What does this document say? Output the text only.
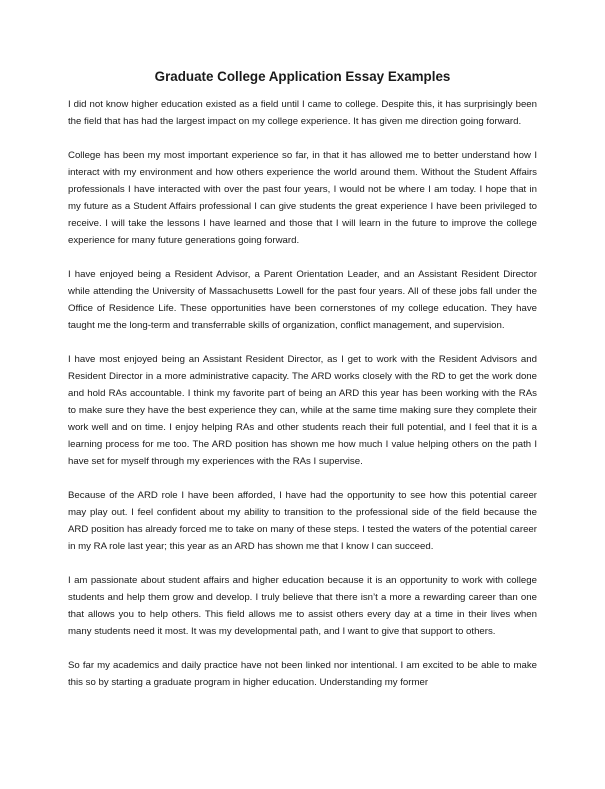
Graduate College Application Essay Examples

I did not know higher education existed as a field until I came to college. Despite this, it has surprisingly been the field that has had the largest impact on my college experience. It has given me direction going forward.

College has been my most important experience so far, in that it has allowed me to better understand how I interact with my environment and how others experience the world around them. Without the Student Affairs professionals I have interacted with over the past four years, I would not be where I am today. I hope that in my future as a Student Affairs professional I can give students the great experience I have been privileged to receive. I will take the lessons I have learned and those that I will learn in the future to improve the college experience for many future generations going forward.

I have enjoyed being a Resident Advisor, a Parent Orientation Leader, and an Assistant Resident Director while attending the University of Massachusetts Lowell for the past four years. All of these jobs fall under the Office of Residence Life. These opportunities have been cornerstones of my college education. They have taught me the long-term and transferrable skills of organization, conflict management, and supervision.

I have most enjoyed being an Assistant Resident Director, as I get to work with the Resident Advisors and Resident Director in a more administrative capacity. The ARD works closely with the RD to get the work done and hold RAs accountable. I think my favorite part of being an ARD this year has been working with the RAs to make sure they have the best experience they can, while at the same time making sure they complete their work well and on time. I enjoy helping RAs and other students reach their full potential, and I feel that it is a learning process for me too. The ARD position has shown me how much I value helping others on the path I have set for myself through my experiences with the RAs I supervise.

Because of the ARD role I have been afforded, I have had the opportunity to see how this potential career may play out. I feel confident about my ability to transition to the professional side of the field because the ARD position has already forced me to take on many of these steps. I tested the waters of the potential career in my RA role last year; this year as an ARD has shown me that I know I can succeed.

I am passionate about student affairs and higher education because it is an opportunity to work with college students and help them grow and develop. I truly believe that there isn’t a more a rewarding career than one that allows you to help others. This field allows me to assist others every day at a time in their lives when many students need it most. It was my developmental path, and I want to give that support to others.

So far my academics and daily practice have not been linked nor intentional. I am excited to be able to make this so by starting a graduate program in higher education. Understanding my former
